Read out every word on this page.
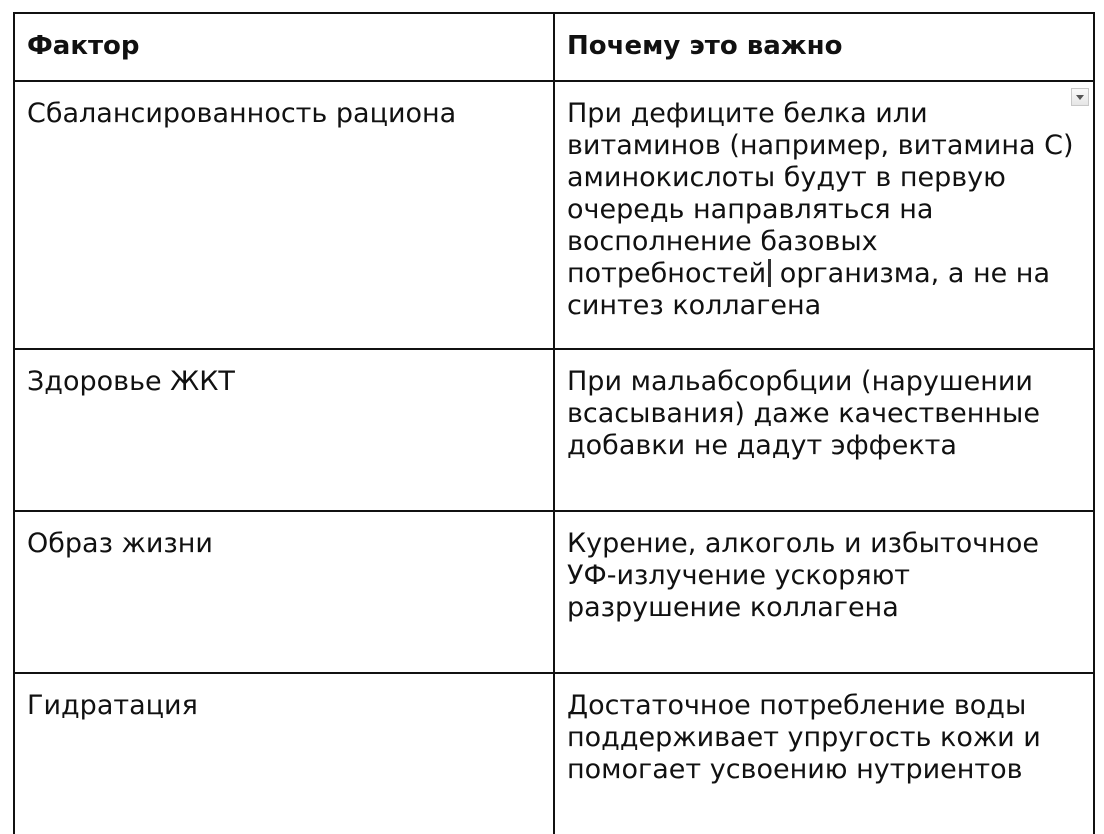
Фактор	Почему это важно
Сбалансированность рациона	При дефиците белка или витаминов (например, витамина С) аминокислоты будут в первую очередь направляться на восполнение базовых потребностей организма, а не на синтез коллагена

Здоровье ЖКТ	При мальабсорбции (нарушении всасывания) даже качественные добавки не дадут эффекта
Образ жизни	Курение, алкоголь и избыточное УФ-излучение ускоряют разрушение коллагена
Гидратация	Достаточное потребление воды поддерживает упругость кожи и помогает усвоению нутриентов
